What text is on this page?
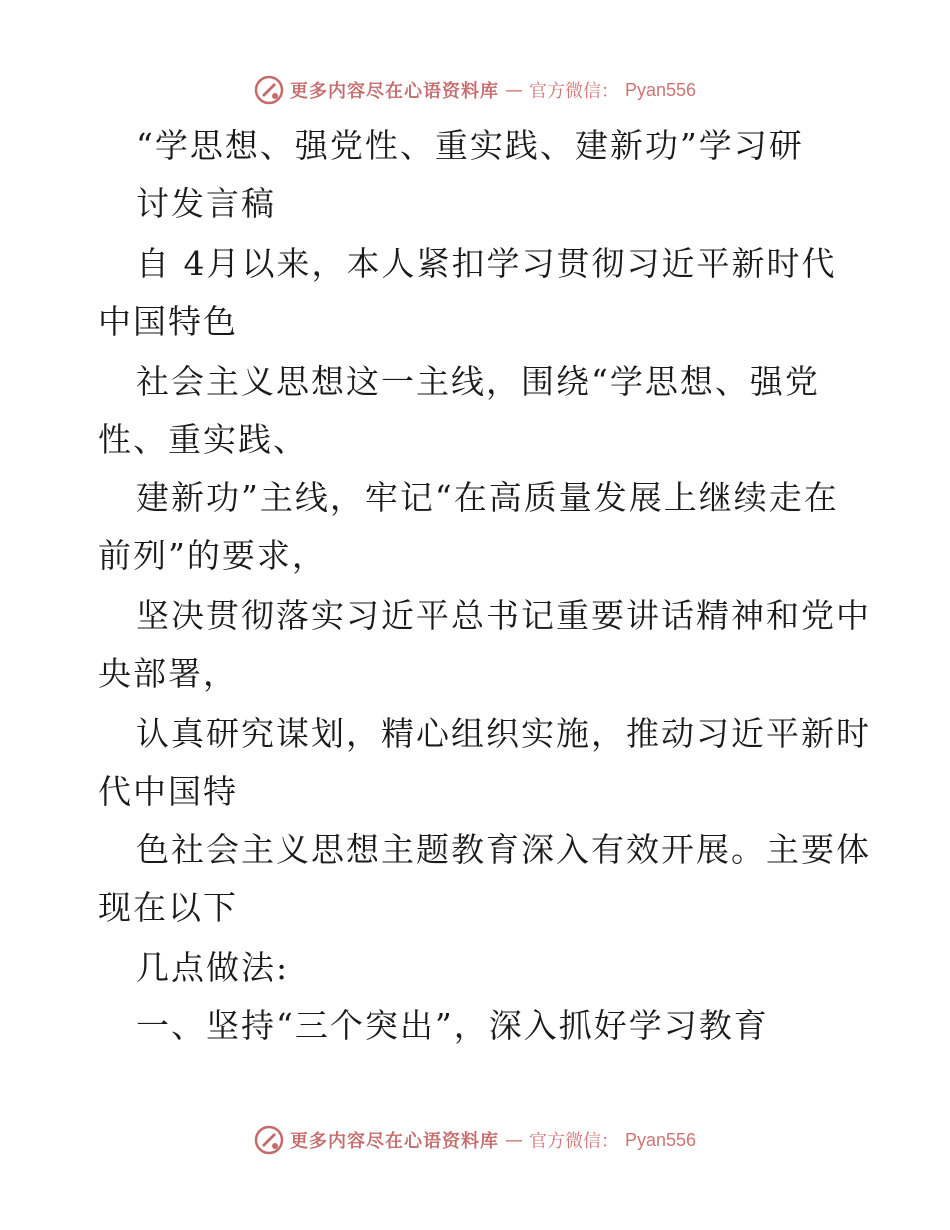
更多内容尽在心语资料库 — 官方微信： Pyan556
“学思想、强党性、重实践、建新功”学习研
讨发言稿
自 4月以来，本人紧扣学习贯彻习近平新时代
中国特色
社会主义思想这一主线，围绕“学思想、强党
性、重实践、
建新功”主线，牢记“在高质量发展上继续走在
前列”的要求，
坚决贯彻落实习近平总书记重要讲话精神和党中
央部署，
认真研究谋划，精心组织实施，推动习近平新时
代中国特
色社会主义思想主题教育深入有效开展。主要体
现在以下
几点做法:
一、坚持“三个突出”，深入抓好学习教育
更多内容尽在心语资料库 — 官方微信： Pyan556
